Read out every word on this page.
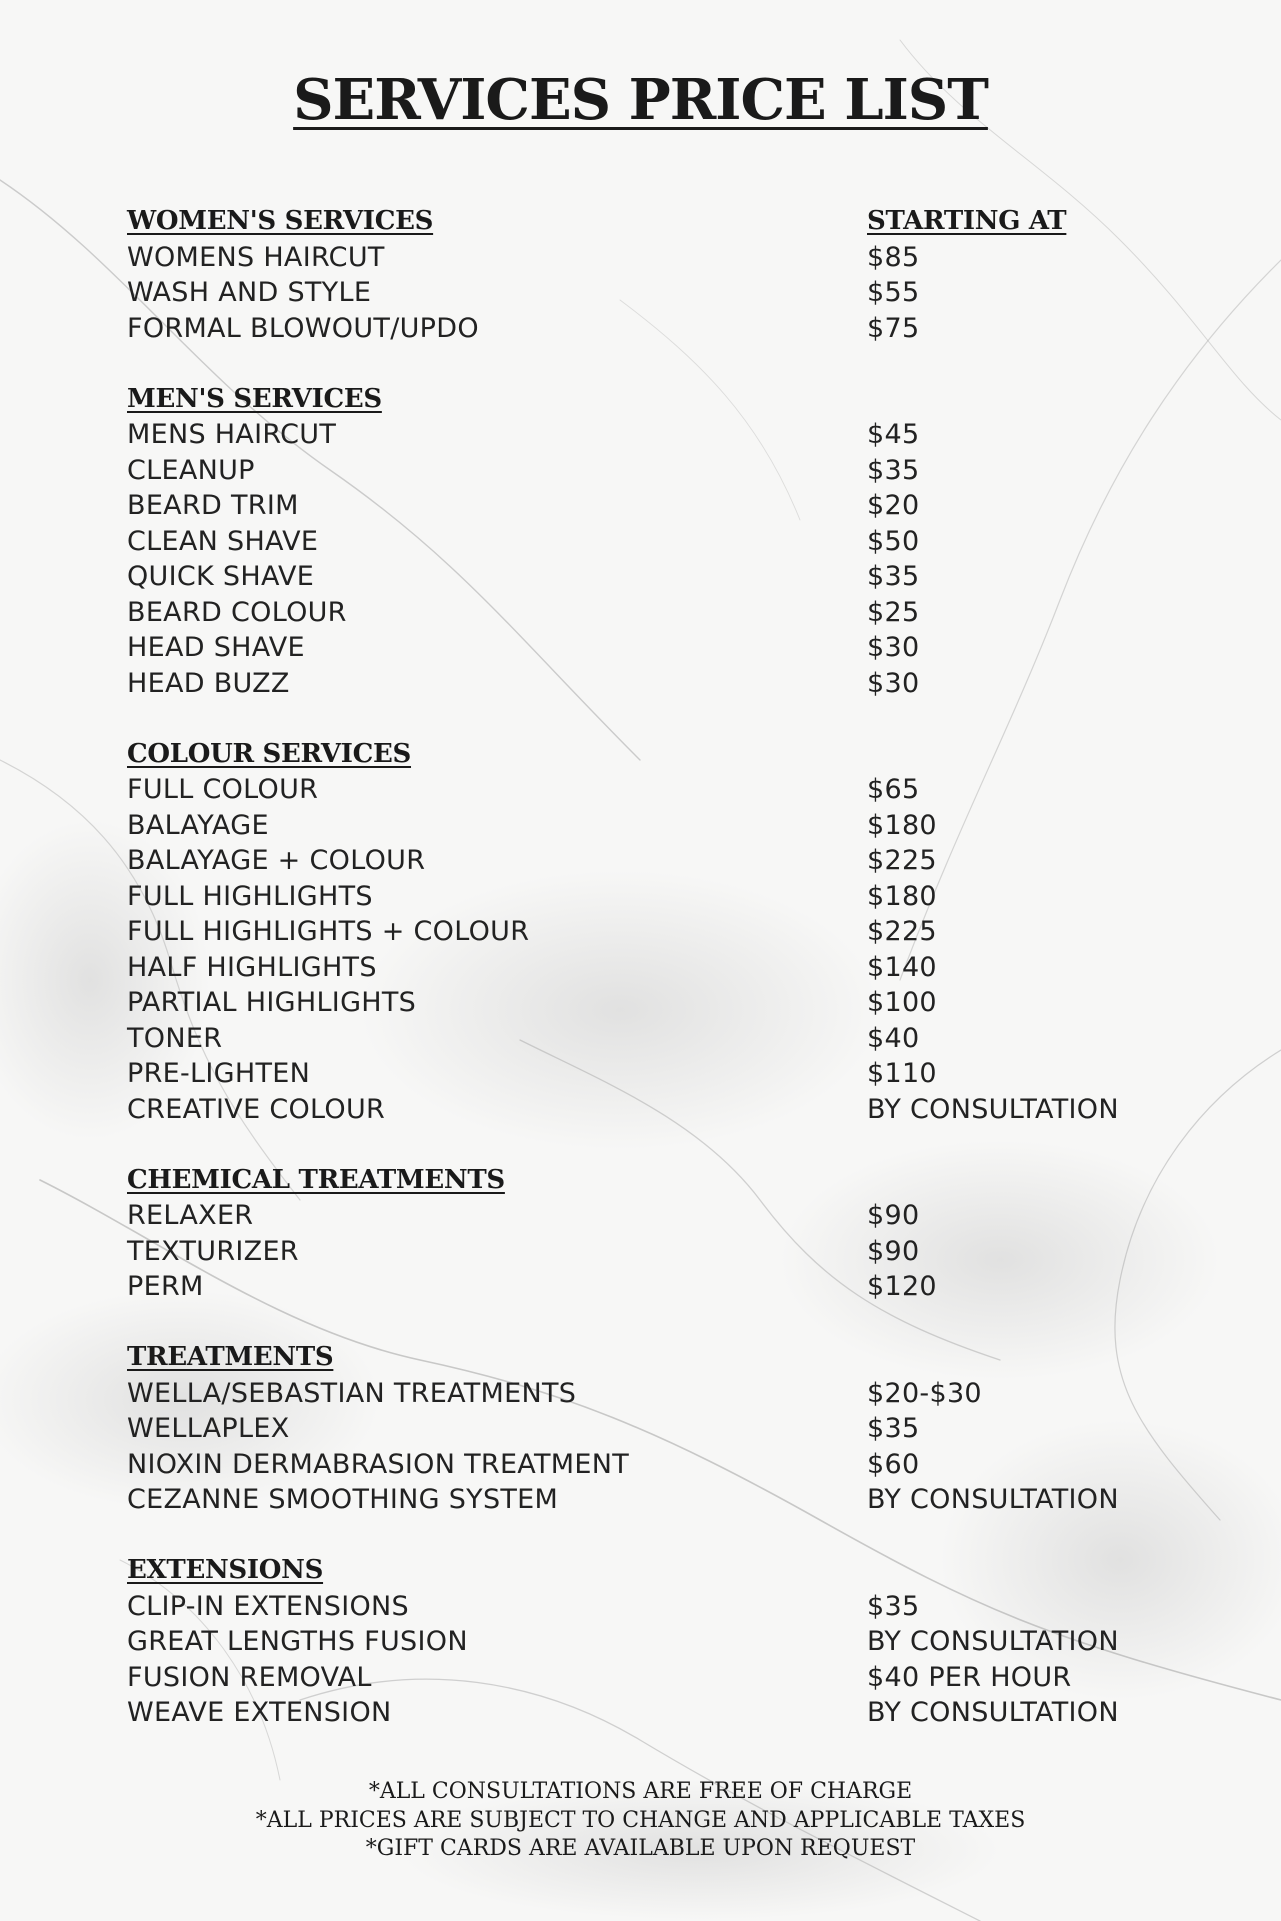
SERVICES PRICE LIST
WOMEN'S SERVICES	STARTING AT
WOMENS HAIRCUT	$85
WASH AND STYLE	$55
FORMAL BLOWOUT/UPDO	$75
MEN'S SERVICES
MENS HAIRCUT	$45
CLEANUP	$35
BEARD TRIM	$20
CLEAN SHAVE	$50
QUICK SHAVE	$35
BEARD COLOUR	$25
HEAD SHAVE	$30
HEAD BUZZ	$30
COLOUR SERVICES
FULL COLOUR	$65
BALAYAGE	$180
BALAYAGE + COLOUR	$225
FULL HIGHLIGHTS	$180
FULL HIGHLIGHTS + COLOUR	$225
HALF HIGHLIGHTS	$140
PARTIAL HIGHLIGHTS	$100
TONER	$40
PRE-LIGHTEN	$110
CREATIVE COLOUR	BY CONSULTATION
CHEMICAL TREATMENTS
RELAXER	$90
TEXTURIZER	$90
PERM	$120
TREATMENTS
WELLA/SEBASTIAN TREATMENTS	$20-$30
WELLAPLEX	$35
NIOXIN DERMABRASION TREATMENT	$60
CEZANNE SMOOTHING SYSTEM	BY CONSULTATION
EXTENSIONS
CLIP-IN EXTENSIONS	$35
GREAT LENGTHS FUSION	BY CONSULTATION
FUSION REMOVAL	$40 PER HOUR
WEAVE EXTENSION	BY CONSULTATION
*ALL CONSULTATIONS ARE FREE OF CHARGE
*ALL PRICES ARE SUBJECT TO CHANGE AND APPLICABLE TAXES
*GIFT CARDS ARE AVAILABLE UPON REQUEST
